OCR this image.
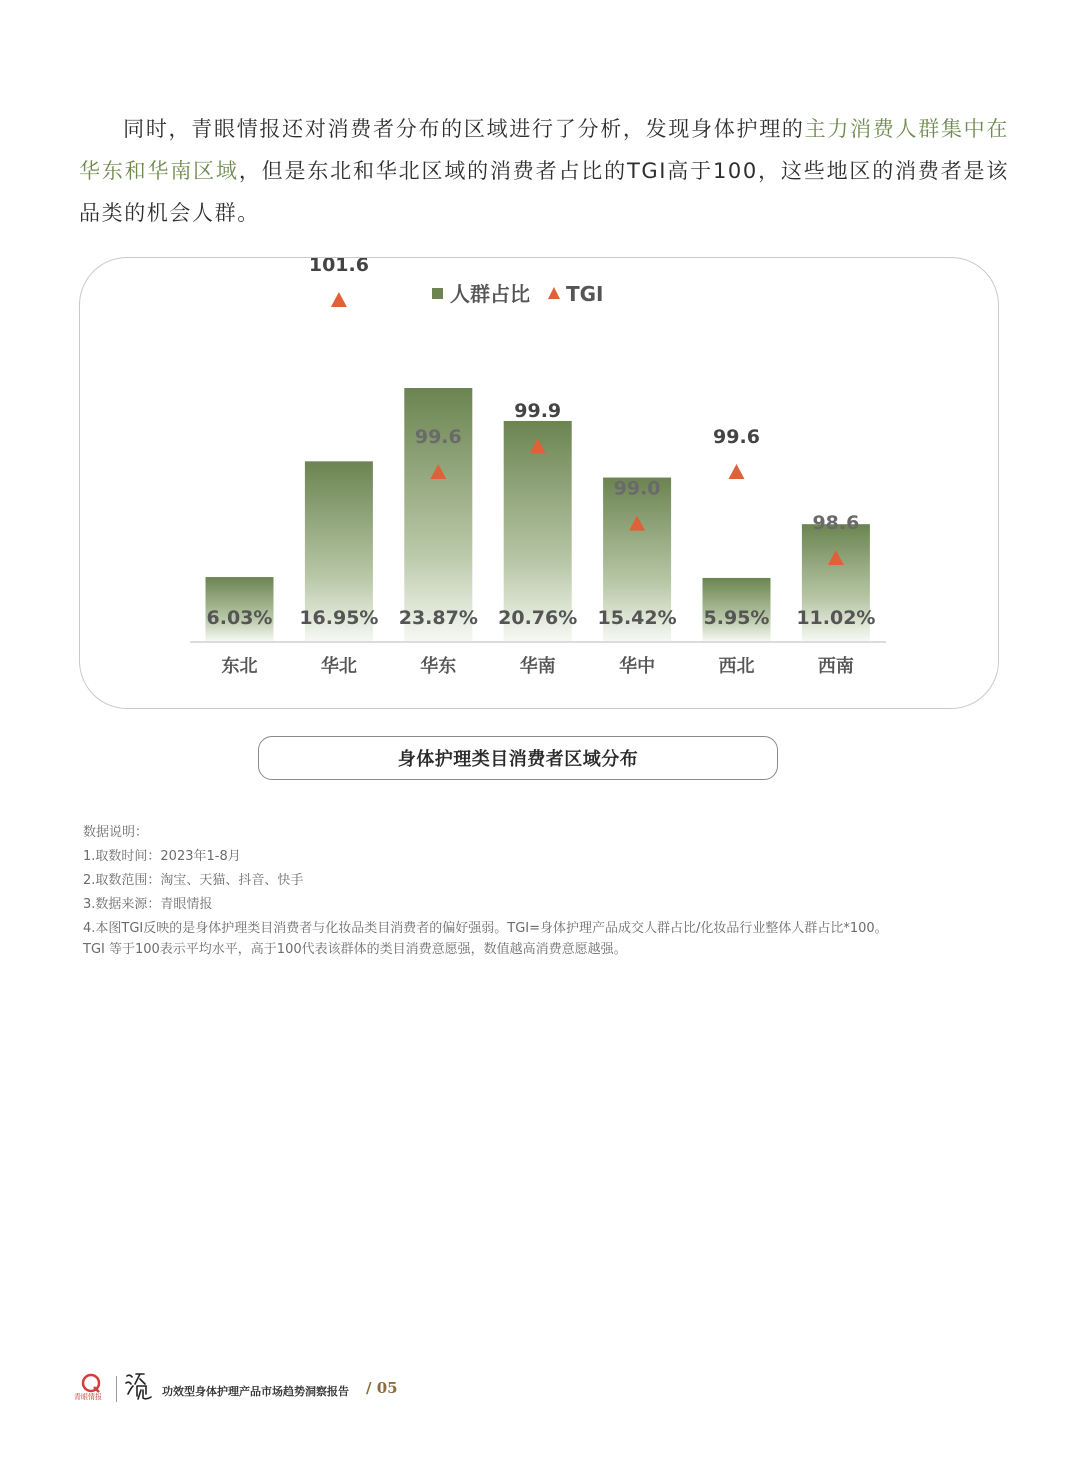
同时，青眼情报还对消费者分布的区域进行了分析，发现身体护理的主力消费人群集中在华东和华南区域，但是东北和华北区域的消费者占比的TGI高于100，这些地区的消费者是该品类的机会人群。

人群占比 TGI
6.03% 16.95% 23.87% 20.76% 15.42% 5.95% 11.02%
101.6
99.6
99.9
99.0
99.6
98.6
东北	华北	华东	华南	华中	西北	西南
身体护理类目消费者区域分布
数据说明：
1.取数时间：2023年1-8月
2.取数范围：淘宝、天猫、抖音、快手
3.数据来源：青眼情报
4.本图TGI反映的是身体护理类目消费者与化妆品类目消费者的偏好强弱。TGI=身体护理产品成交人群占比/化妆品行业整体人群占比*100。
TGI 等于100表示平均水平，高于100代表该群体的类目消费意愿强，数值越高消费意愿越强。
青眼情报	功效型身体护理产品市场趋势洞察报告 / 05
